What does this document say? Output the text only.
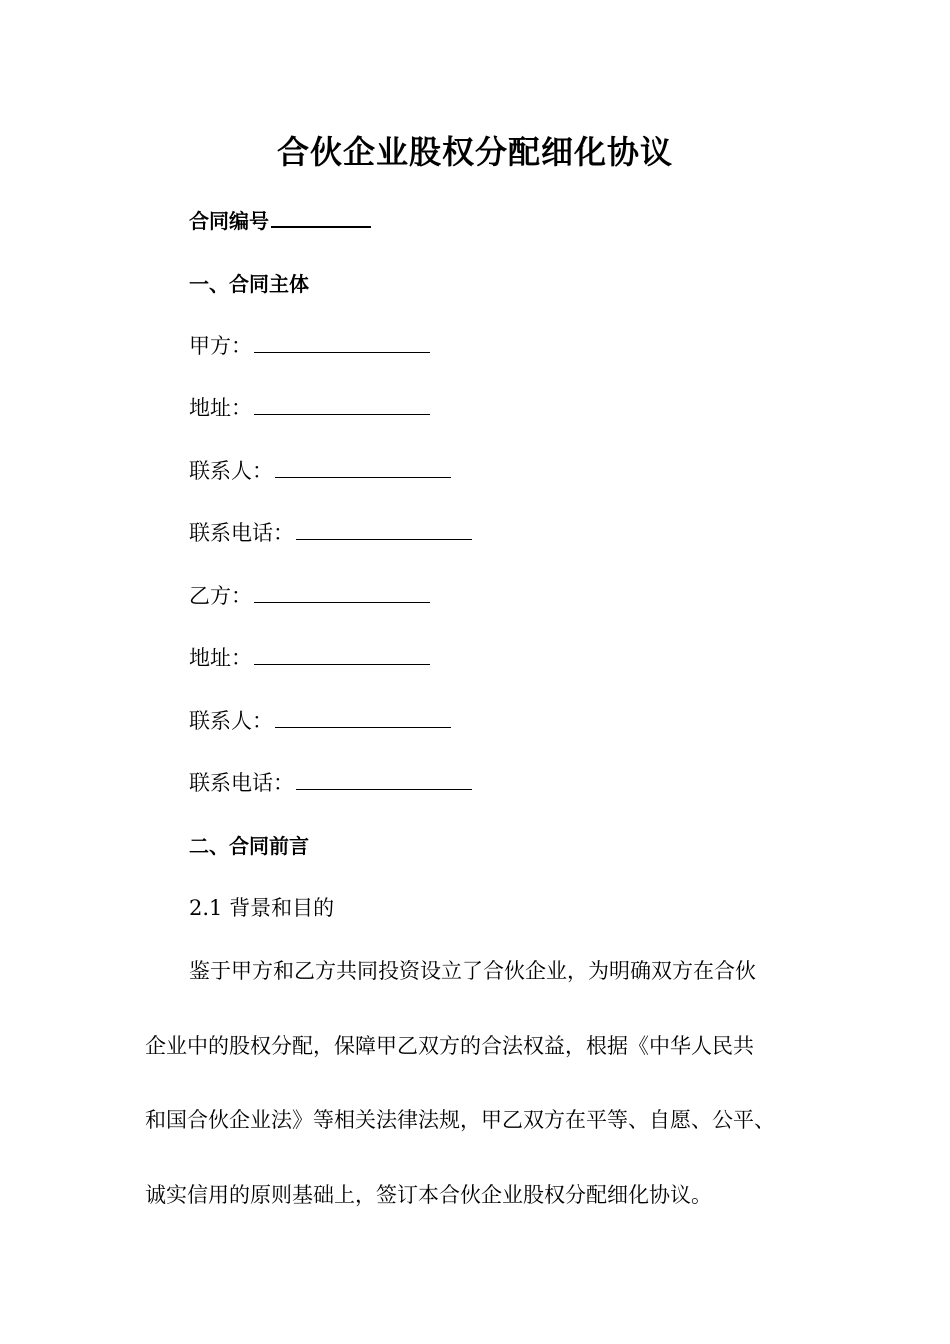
合伙企业股权分配细化协议
合同编号
一、合同主体
甲方：
地址：
联系人：
联系电话：
乙方：
地址：
联系人：
联系电话：
二、合同前言
2.1 背景和目的
鉴于甲方和乙方共同投资设立了合伙企业，为明确双方在合伙
企业中的股权分配，保障甲乙双方的合法权益，根据《中华人民共
和国合伙企业法》等相关法律法规，甲乙双方在平等、自愿、公平、
诚实信用的原则基础上，签订本合伙企业股权分配细化协议。
